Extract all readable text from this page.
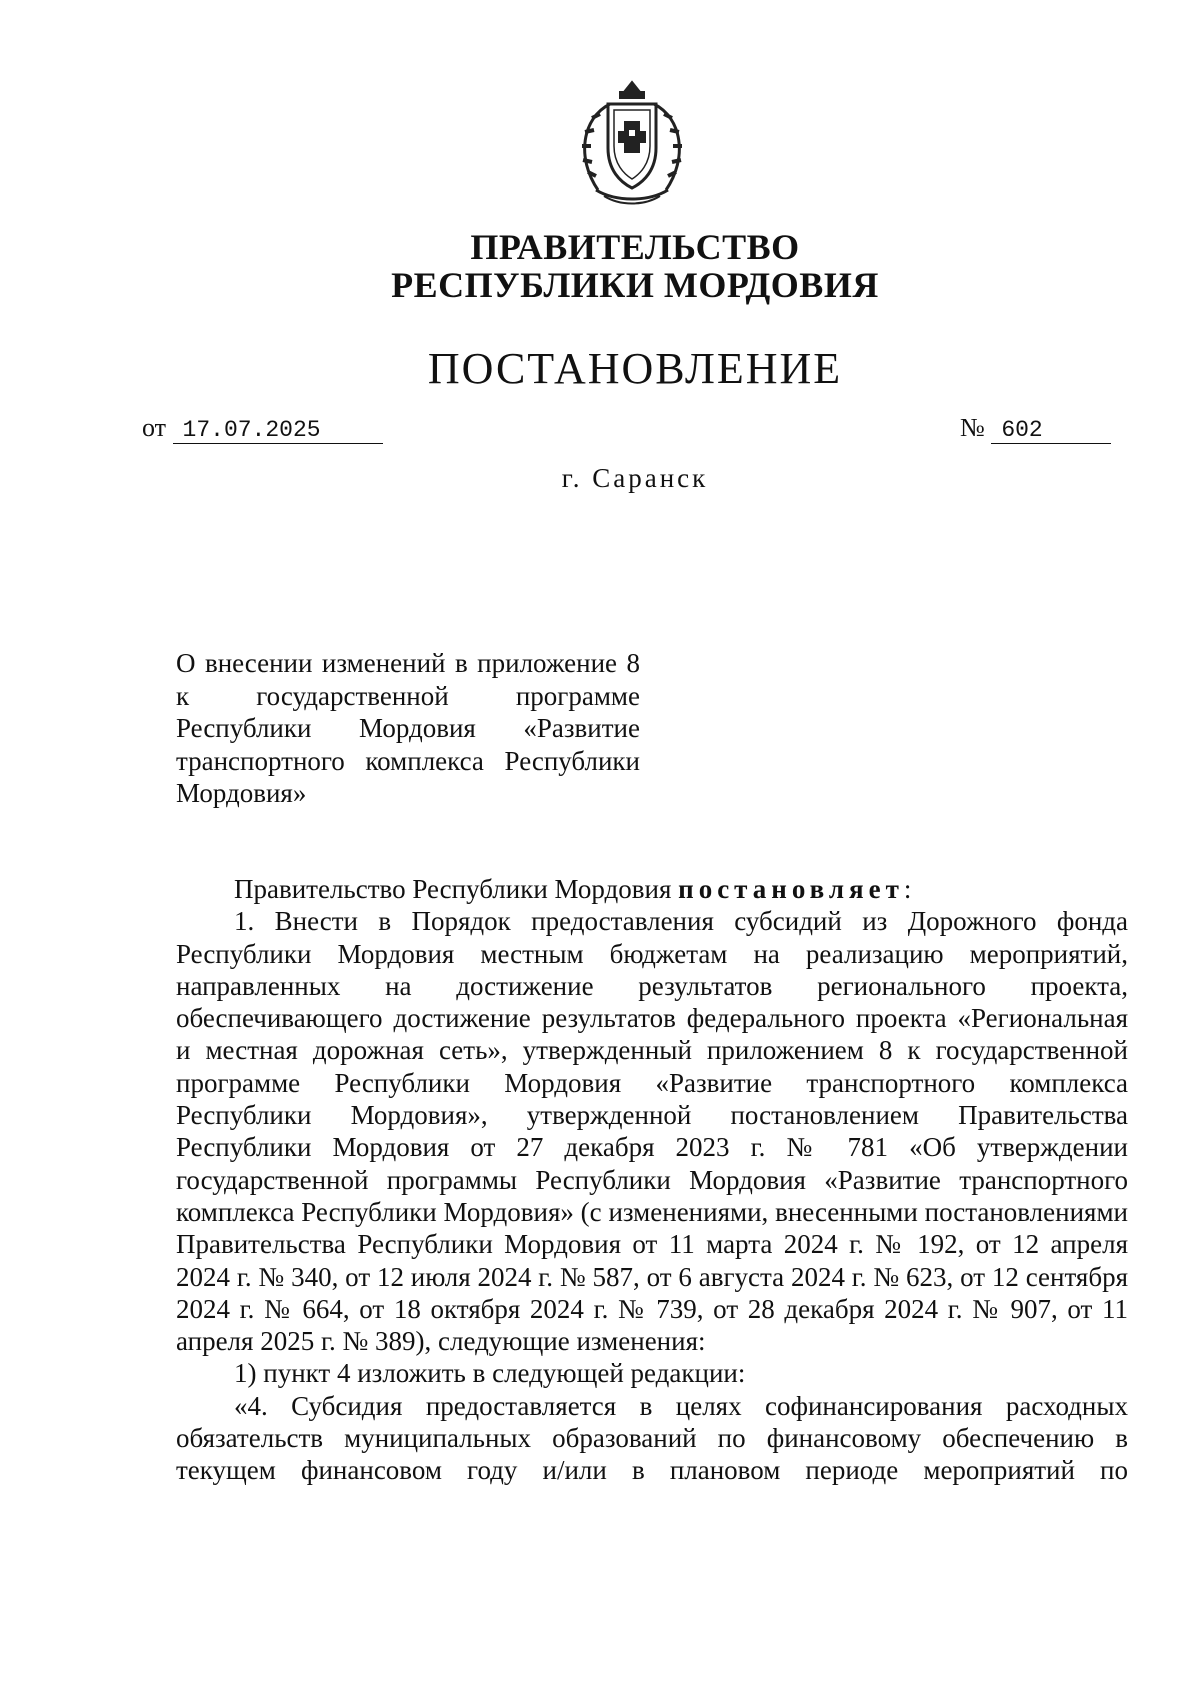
ПРАВИТЕЛЬСТВО
РЕСПУБЛИКИ МОРДОВИЯ
ПОСТАНОВЛЕНИЕ
от 17.07.2025	№ 602
г. Саранск
О внесении изменений в приложение 8 к государственной программе Республики Мордовия «Развитие транспортного комплекса Республики Мордовия»

Правительство Республики Мордовия постановляет:

1. Внести в Порядок предоставления субсидий из Дорожного фонда Республики Мордовия местным бюджетам на реализацию мероприятий, направленных на достижение результатов регионального проекта, обеспечивающего достижение результатов федерального проекта «Региональная и местная дорожная сеть», утвержденный приложением 8 к государственной программе Республики Мордовия «Развитие транспортного комплекса Республики Мордовия», утвержденной постановлением Правительства Республики Мордовия от 27 декабря 2023 г. № 781 «Об утверждении государственной программы Республики Мордовия «Развитие транспортного комплекса Республики Мордовия» (с изменениями, внесенными постановлениями Правительства Республики Мордовия от 11 марта 2024 г. № 192, от 12 апреля 2024 г. № 340, от 12 июля 2024 г. № 587, от 6 августа 2024 г. № 623, от 12 сентября 2024 г. № 664, от 18 октября 2024 г. № 739, от 28 декабря 2024 г. № 907, от 11 апреля 2025 г. № 389), следующие изменения:

1) пункт 4 изложить в следующей редакции:

«4. Субсидия предоставляется в целях софинансирования расходных обязательств муниципальных образований по финансовому обеспечению в текущем финансовом году и/или в плановом периоде мероприятий по
